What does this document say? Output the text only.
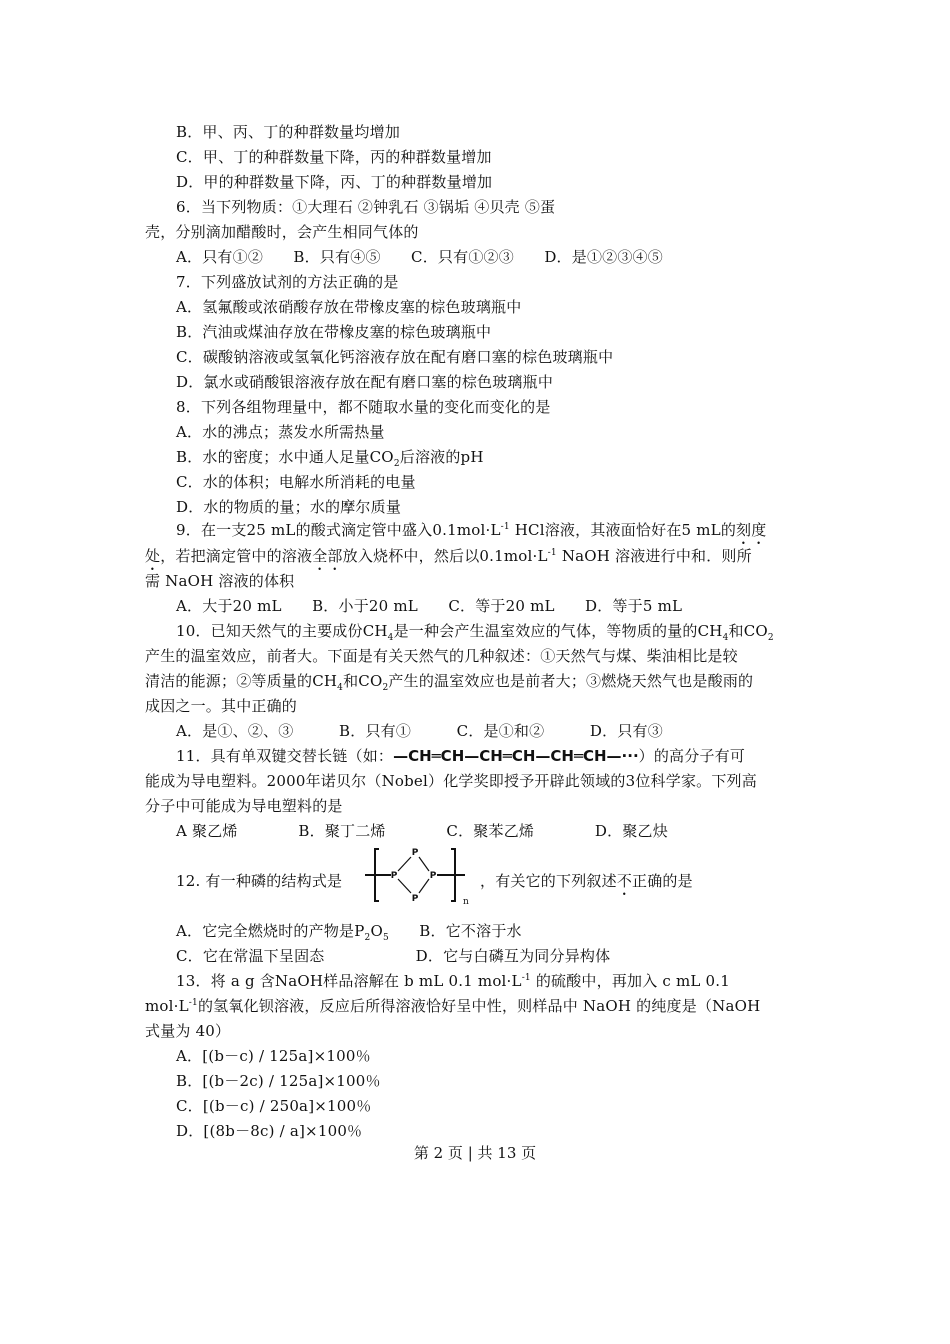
B．甲、丙、丁的种群数量均增加
C．甲、丁的种群数量下降，丙的种群数量增加
D．甲的种群数量下降，丙、丁的种群数量增加
6．当下列物质：①大理石 ②钟乳石 ③锅垢 ④贝壳 ⑤蛋
壳，分别滴加醋酸时，会产生相同气体的
A．只有①②　　B．只有④⑤　　C．只有①②③　　D．是①②③④⑤
7．下列盛放试剂的方法正确的是
A．氢氟酸或浓硝酸存放在带橡皮塞的棕色玻璃瓶中
B．汽油或煤油存放在带橡皮塞的棕色玻璃瓶中
C．碳酸钠溶液或氢氧化钙溶液存放在配有磨口塞的棕色玻璃瓶中
D．氯水或硝酸银溶液存放在配有磨口塞的棕色玻璃瓶中
8．下列各组物理量中，都不随取水量的变化而变化的是
A．水的沸点；蒸发水所需热量
B．水的密度；水中通人足量$CO_2$后溶液的pH
C．水的体积；电解水所消耗的电量
D．水的物质的量；水的摩尔质量
9．在一支25 mL的酸式滴定管中盛入$0.1mol\cdot L^{-1}$ HCl溶液，其液面恰好在5 mL的刻度
处，若把滴定管中的溶液全部放入烧杯中，然后以$0.1mol\cdot L^{-1}$ NaOH 溶液进行中和．则所
需 NaOH 溶液的体积
A．大于20 mL　　B．小于20 mL　　C．等于20 mL　　D．等于5 mL
10．已知天然气的主要成份$CH_4$是一种会产生温室效应的气体，等物质的量的$CH_4$和$CO_2$
产生的温室效应，前者大。下面是有关天然气的几种叙述：①天然气与煤、柴油相比是较
清洁的能源；②等质量的$CH_4$和$CO_2$产生的温室效应也是前者大；③燃烧天然气也是酸雨的
成因之一。其中正确的
A．是①、②、③　　　B．只有①　　　C．是①和②　　　D．只有③
11．具有单双键交替长链（如：—CH═CH—CH═CH—CH═CH—···）的高分子有可
能成为导电塑料。2000年诺贝尔（Nobel）化学奖即授予开辟此领域的3位科学家。下列高
分子中可能成为导电塑料的是
A 聚乙烯　　　　B．聚丁二烯　　　　C．聚苯乙烯　　　　D．聚乙炔
12. 有一种磷的结构式是
P
P	P
P	n
，有关它的下列叙述不正确的是
A．它完全燃烧时的产物是$P_2O_5$　　B．它不溶于水
C．它在常温下呈固态　　　　　　D．它与白磷互为同分异构体
13．将 a g 含NaOH样品溶解在 b mL 0.1 $mol\cdot L^{-1}$ 的硫酸中，再加入 c mL 0.1
$mol\cdot L^{-1}$的氢氧化钡溶液，反应后所得溶液恰好呈中性，则样品中 NaOH 的纯度是（NaOH
式量为 40）
A．[(b－c) / 125a]×100％
B．[(b－2c) / 125a]×100％
C．[(b－c) / 250a]×100％
D．[(8b－8c) / a]×100％
第 2 页 | 共 13 页
